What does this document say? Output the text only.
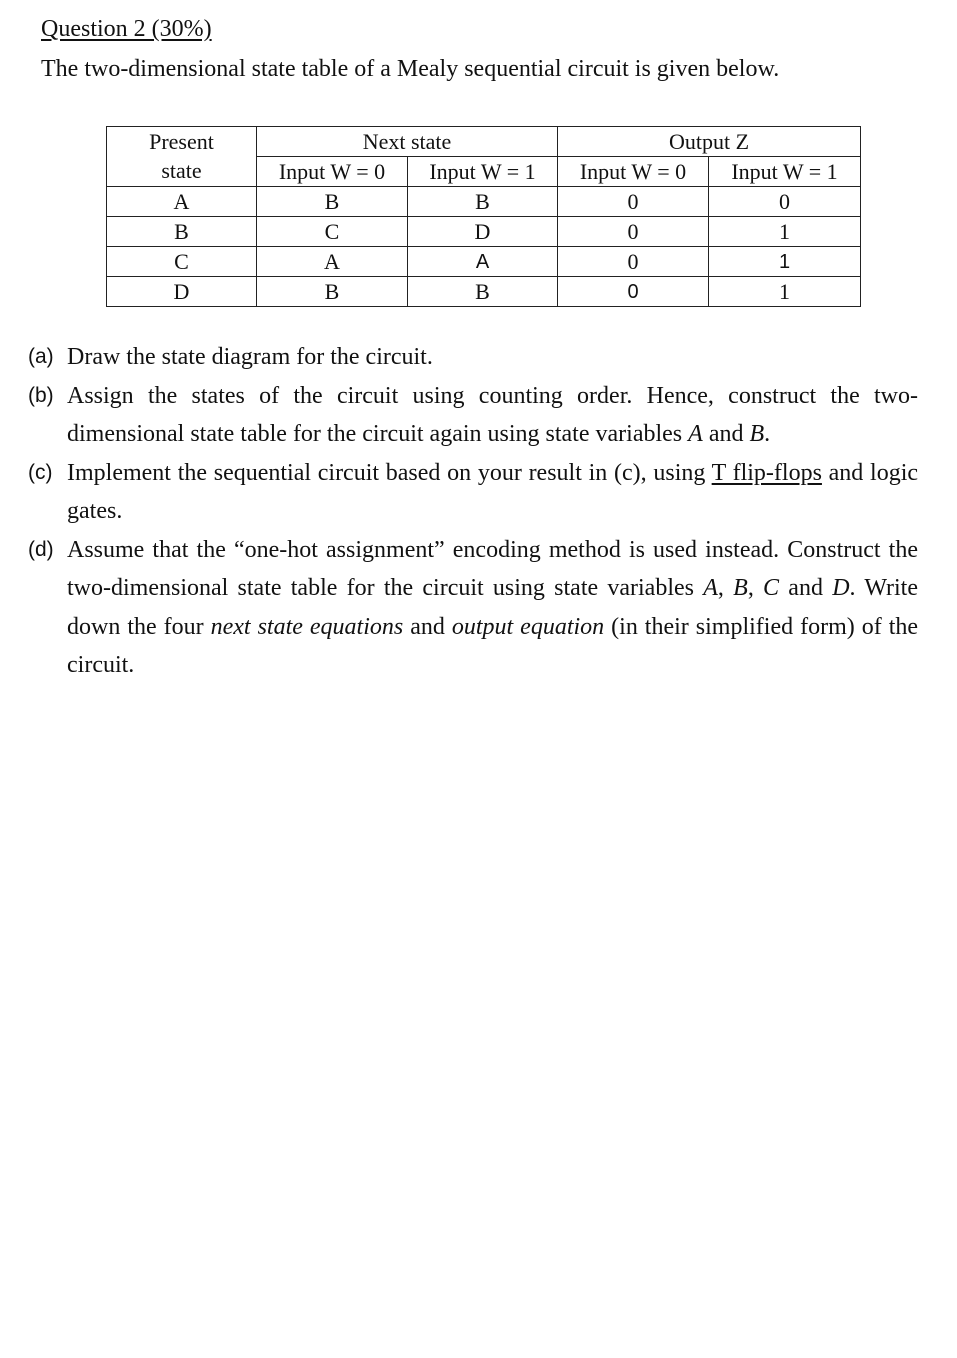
Question 2 (30%)
The two-dimensional state table of a Mealy sequential circuit is given below.
Present	Next state		Output Z	
state	Input W = 0	Input W = 1	Input W = 0	Input W = 1
A	B	B	0	0
B	C	D	0	1
C	A	A	0	1
D	B	B	0	1
(a) Draw the state diagram for the circuit.
(b) Assign the states of the circuit using counting order. Hence, construct the two-dimensional state table for the circuit again using state variables A and B.
(c) Implement the sequential circuit based on your result in (c), using T flip-flops and logic gates.
(d) Assume that the “one-hot assignment” encoding method is used instead. Construct the two-dimensional state table for the circuit using state variables A, B, C and D. Write down the four next state equations and output equation (in their simplified form) of the circuit.
